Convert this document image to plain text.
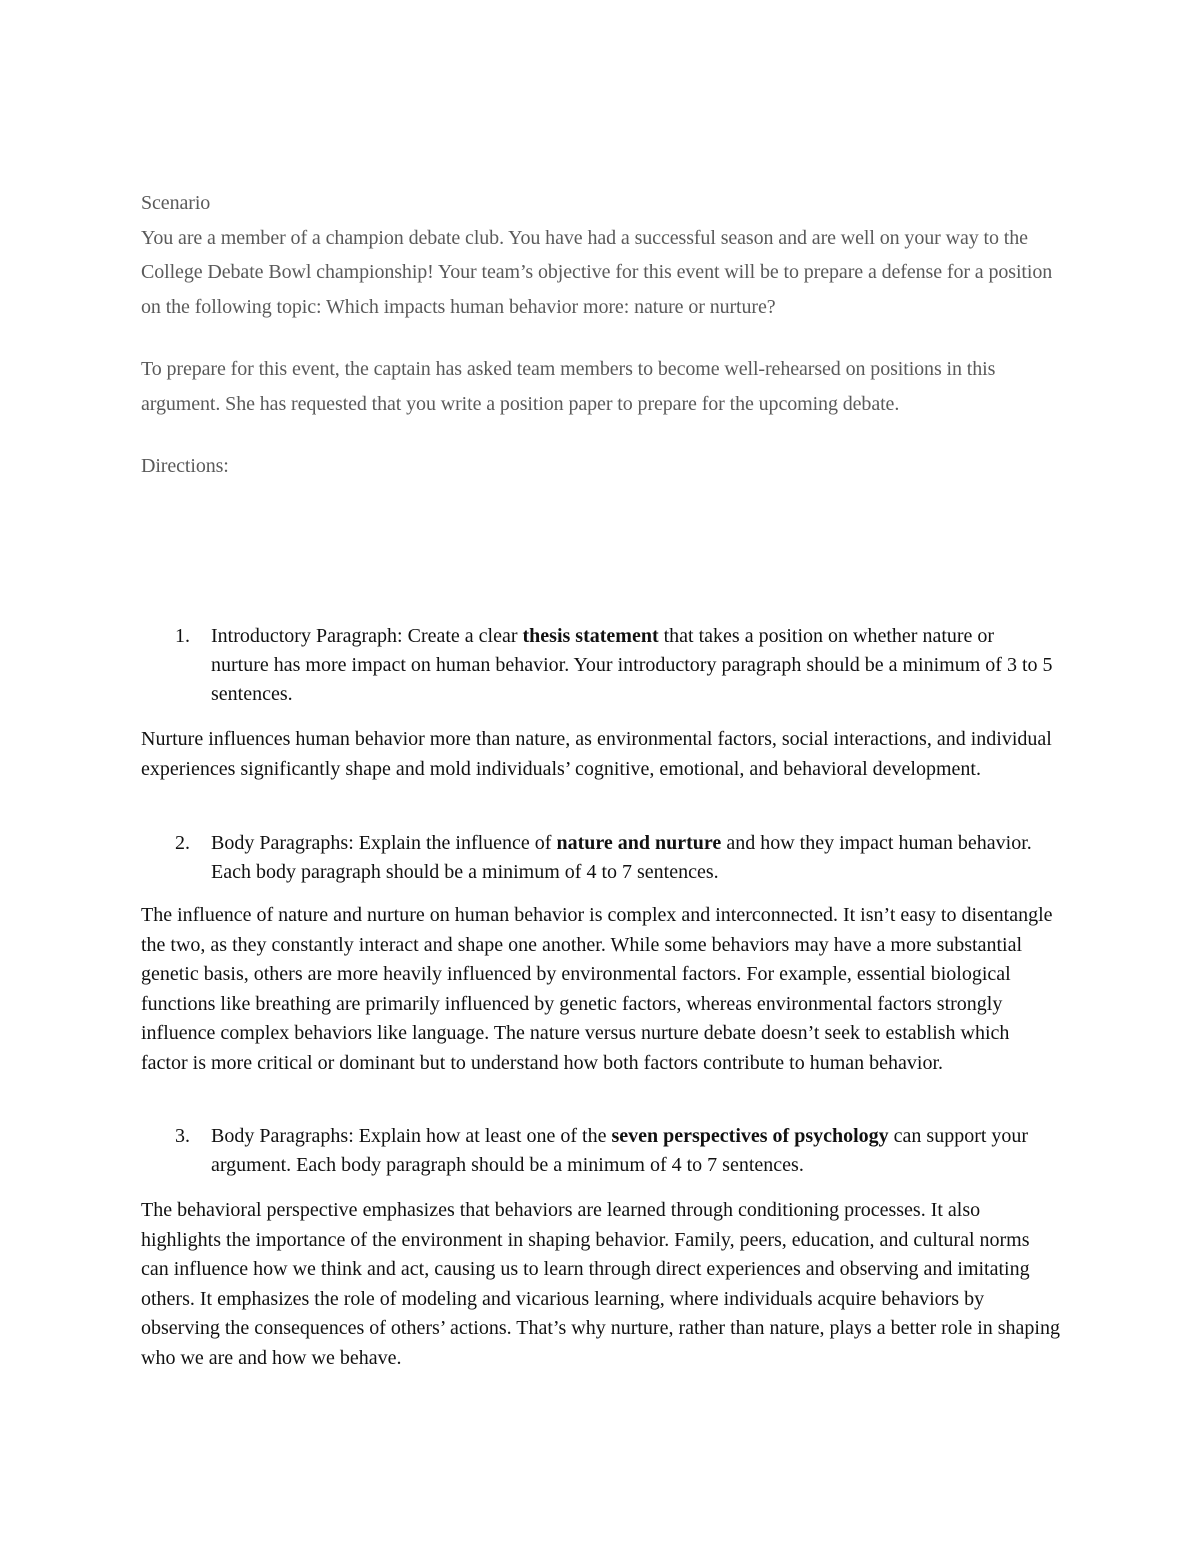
Scenario

You are a member of a champion debate club. You have had a successful season and are well on your way to the College Debate Bowl championship! Your team’s objective for this event will be to prepare a defense for a position on the following topic: Which impacts human behavior more: nature or nurture?

To prepare for this event, the captain has asked team members to become well-rehearsed on positions in this argument. She has requested that you write a position paper to prepare for the upcoming debate.

Directions:

1. Introductory Paragraph: Create a clear thesis statement that takes a position on whether nature or nurture has more impact on human behavior. Your introductory paragraph should be a minimum of 3 to 5 sentences.

Nurture influences human behavior more than nature, as environmental factors, social interactions, and individual experiences significantly shape and mold individuals’ cognitive, emotional, and behavioral development.

2. Body Paragraphs: Explain the influence of nature and nurture and how they impact human behavior. Each body paragraph should be a minimum of 4 to 7 sentences.

The influence of nature and nurture on human behavior is complex and interconnected. It isn’t easy to disentangle the two, as they constantly interact and shape one another. While some behaviors may have a more substantial genetic basis, others are more heavily influenced by environmental factors. For example, essential biological functions like breathing are primarily influenced by genetic factors, whereas environmental factors strongly influence complex behaviors like language. The nature versus nurture debate doesn’t seek to establish which factor is more critical or dominant but to understand how both factors contribute to human behavior.

3. Body Paragraphs: Explain how at least one of the seven perspectives of psychology can support your argument. Each body paragraph should be a minimum of 4 to 7 sentences.

The behavioral perspective emphasizes that behaviors are learned through conditioning processes. It also highlights the importance of the environment in shaping behavior. Family, peers, education, and cultural norms can influence how we think and act, causing us to learn through direct experiences and observing and imitating others. It emphasizes the role of modeling and vicarious learning, where individuals acquire behaviors by observing the consequences of others’ actions. That’s why nurture, rather than nature, plays a better role in shaping who we are and how we behave.
